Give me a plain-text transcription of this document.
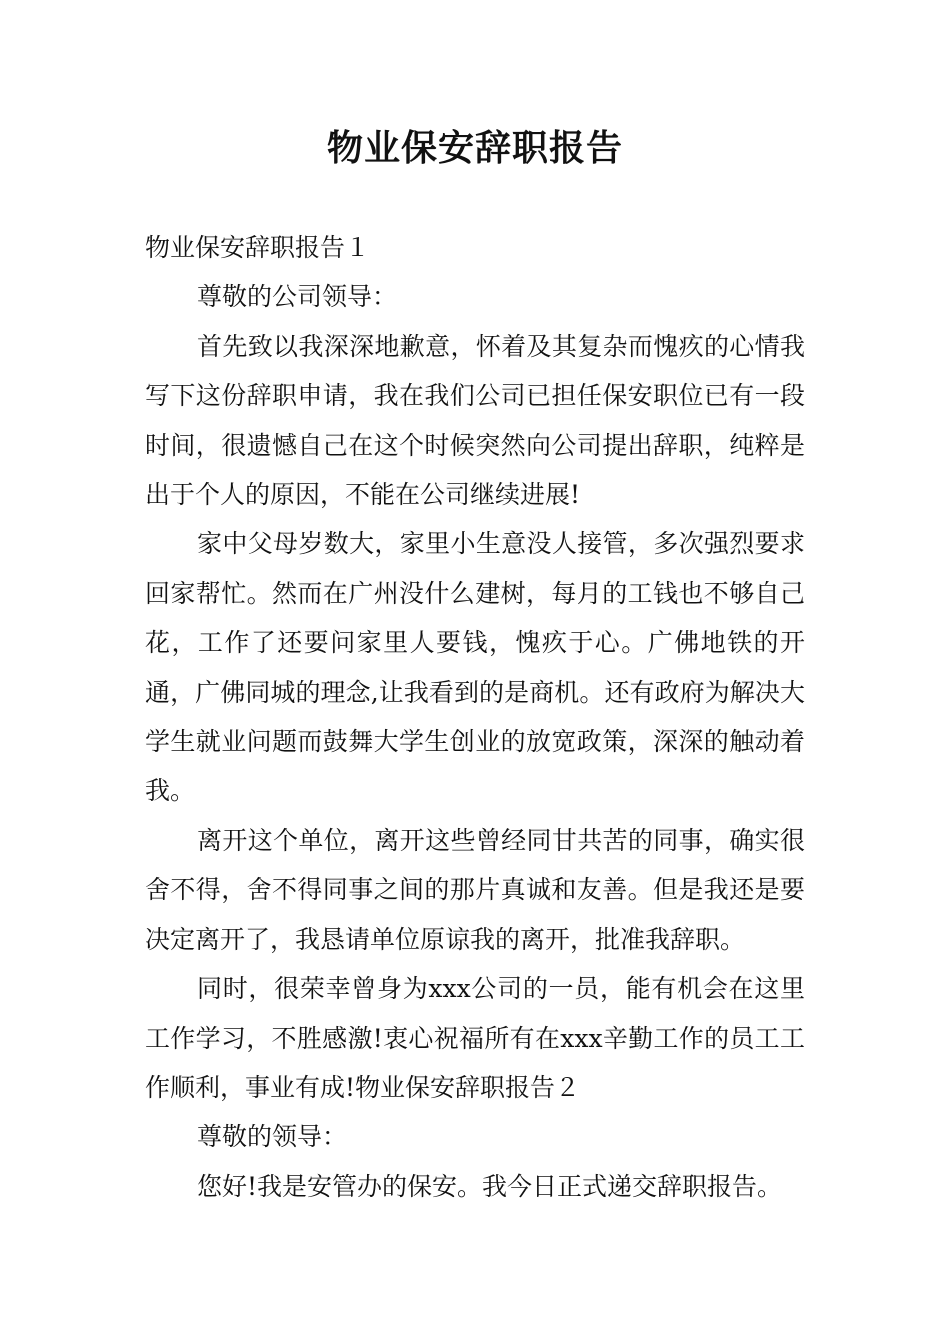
物业保安辞职报告

物业保安辞职报告１

尊敬的公司领导：

首先致以我深深地歉意，怀着及其复杂而愧疚的心情我写下这份辞职申请，我在我们公司已担任保安职位已有一段时间，很遗憾自己在这个时候突然向公司提出辞职，纯粹是出于个人的原因，不能在公司继续进展!

家中父母岁数大，家里小生意没人接管，多次强烈要求回家帮忙。然而在广州没什么建树，每月的工钱也不够自己花，工作了还要问家里人要钱，愧疚于心。广佛地铁的开通，广佛同城的理念,让我看到的是商机。还有政府为解决大学生就业问题而鼓舞大学生创业的放宽政策，深深的触动着我。

离开这个单位，离开这些曾经同甘共苦的同事，确实很舍不得，舍不得同事之间的那片真诚和友善。但是我还是要决定离开了，我恳请单位原谅我的离开，批准我辞职。

同时，很荣幸曾身为xxx公司的一员，能有机会在这里工作学习，不胜感激!衷心祝福所有在xxx辛勤工作的员工工作顺利，事业有成!物业保安辞职报告２

尊敬的领导：

您好!我是安管办的保安。我今日正式递交辞职报告。
